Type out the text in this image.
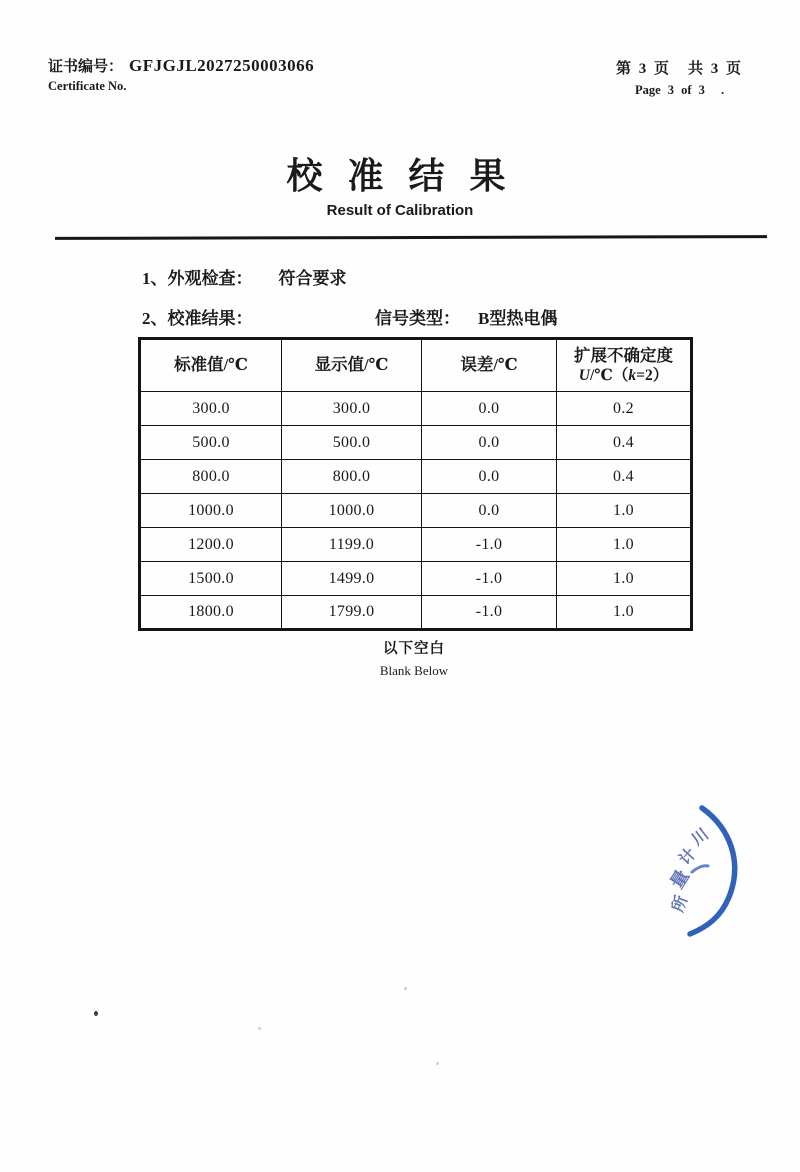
证书编号： GFJGJL2027250003066
Certificate No.
第 3 页　共 3 页
Page 3 of 3 .
校 准 结 果
Result of Calibration
1、外观检查： 符合要求
2、校准结果：	信号类型： B型热电偶
标准值/℃	显示值/℃	误差/℃	扩展不确定度
U/℃（k=2）

300.0	300.0	0.0	0.2
500.0	500.0	0.0	0.4
800.0	800.0	0.0	0.4
1000.0	1000.0	0.0	1.0
1200.0	1199.0	-1.0	1.0
1500.0	1499.0	-1.0	1.0
1800.0	1799.0	-1.0	1.0
以下空白
Blank Below
川
计
量
所
